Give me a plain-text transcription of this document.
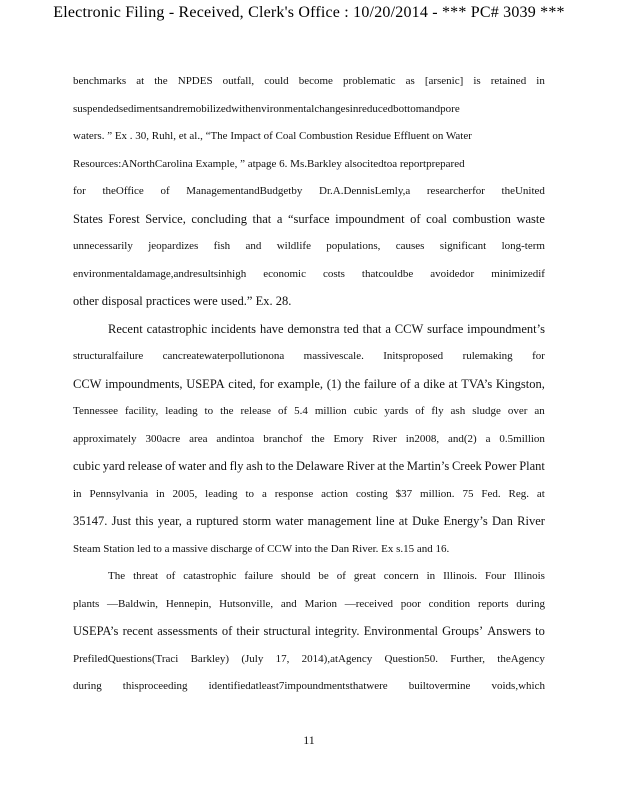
Electronic Filing - Received, Clerk's Office : 10/20/2014 - *** PC# 3039 ***
benchmarks at the NPDES outfall, could become problematic as [arsenic] is retained in
suspendedsedimentsandremobilizedwithenvironmentalchangesinreducedbottomandpore
waters. ” Ex . 30, Ruhl, et al., “The Impact of Coal Combustion Residue Effluent on Water
Resources:ANorthCarolina Example, ” atpage 6. Ms.Barkley alsocitedtoa reportprepared
for theOffice of ManagementandBudgetby Dr.A.DennisLemly,a researcherfor theUnited
States Forest Service, concluding that a “surface impoundment of coal combustion waste
unnecessarily jeopardizes fish and wildlife populations, causes significant long-term
environmentaldamage,andresultsinhigh economic costs thatcouldbe avoidedor minimizedif
other disposal practices were used.” Ex. 28.
Recent catastrophic incidents have demonstra ted that a CCW surface impoundment’s
structuralfailure cancreatewaterpollutionona massivescale. Initsproposed rulemaking for
CCW impoundments, USEPA cited, for example, (1) the failure of a dike at TVA’s Kingston,
Tennessee facility, leading to the release of 5.4 million cubic yards of fly ash sludge over an
approximately 300acre area andintoa branchof the Emory River in2008, and(2) a 0.5million
cubic yard release of water and fly ash to the Delaware River at the Martin’s Creek Power Plant
in Pennsylvania in 2005, leading to a response action costing $37 million. 75 Fed. Reg. at
35147. Just this year, a ruptured storm water management line at Duke Energy’s Dan River
Steam Station led to a massive discharge of CCW into the Dan River. Ex s.15 and 16.
The threat of catastrophic failure should be of great concern in Illinois. Four Illinois
plants —Baldwin, Hennepin, Hutsonville, and Marion —received poor condition reports during
USEPA’s recent assessments of their structural integrity. Environmental Groups’ Answers to
PrefiledQuestions(Traci Barkley) (July 17, 2014),atAgency Question50. Further, theAgency
during thisproceeding identifiedatleast7impoundmentsthatwere builtovermine voids,which
11
